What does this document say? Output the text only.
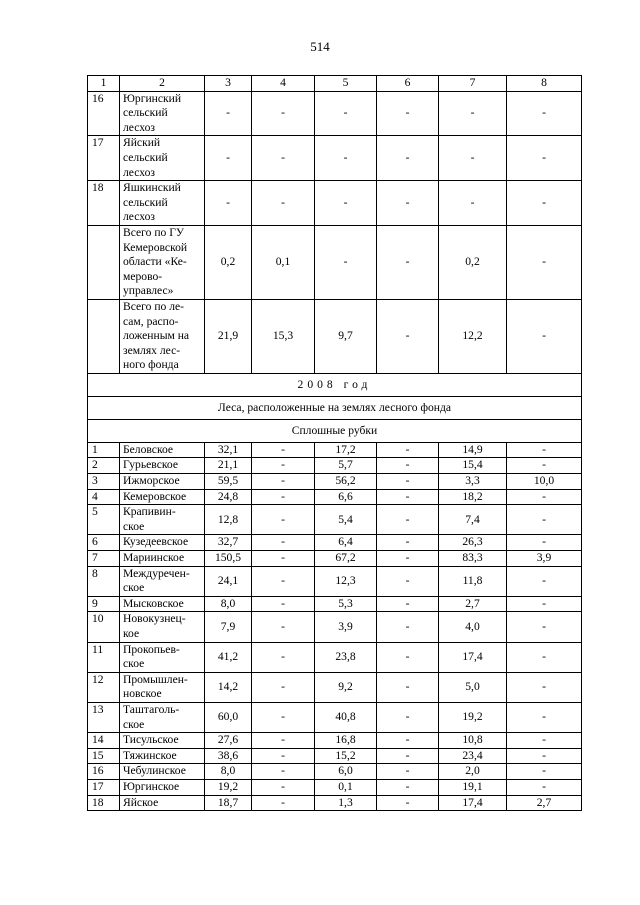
514
1	2	3	4	5	6	7	8
16	Юргинский
сельский
лесхоз	-	-	-	-	-	-
17	Яйский
сельский
лесхоз	-	-	-	-	-	-
18	Яшкинский
сельский
лесхоз	-	-	-	-	-	-
	Всего по ГУ
Кемеровской
области «Ке-
мерово-
управлес»	0,2	0,1	-	-	0,2	-
	Всего по ле-
сам, распо-
ложенным на
землях лес-
ного фонда	21,9	15,3	9,7	-	12,2	-
2008 год							
Леса, расположенные на землях лесного фонда							
Сплошные рубки							
1	Беловское	32,1	-	17,2	-	14,9	-
2	Гурьевское	21,1	-	5,7	-	15,4	-
3	Ижморское	59,5	-	56,2	-	3,3	10,0
4	Кемеровское	24,8	-	6,6	-	18,2	-
5	Крапивин-
ское	12,8	-	5,4	-	7,4	-
6	Кузедеевское	32,7	-	6,4	-	26,3	-
7	Мариинское	150,5	-	67,2	-	83,3	3,9
8	Междуречен-
ское	24,1	-	12,3	-	11,8	-
9	Мысковское	8,0	-	5,3	-	2,7	-
10	Новокузнец-
кое	7,9	-	3,9	-	4,0	-
11	Прокопьев-
ское	41,2	-	23,8	-	17,4	-
12	Промышлен-
новское	14,2	-	9,2	-	5,0	-
13	Таштаголь-
ское	60,0	-	40,8	-	19,2	-
14	Тисульское	27,6	-	16,8	-	10,8	-
15	Тяжинское	38,6	-	15,2	-	23,4	-
16	Чебулинское	8,0	-	6,0	-	2,0	-
17	Юргинское	19,2	-	0,1	-	19,1	-
18	Яйское	18,7	-	1,3	-	17,4	2,7
